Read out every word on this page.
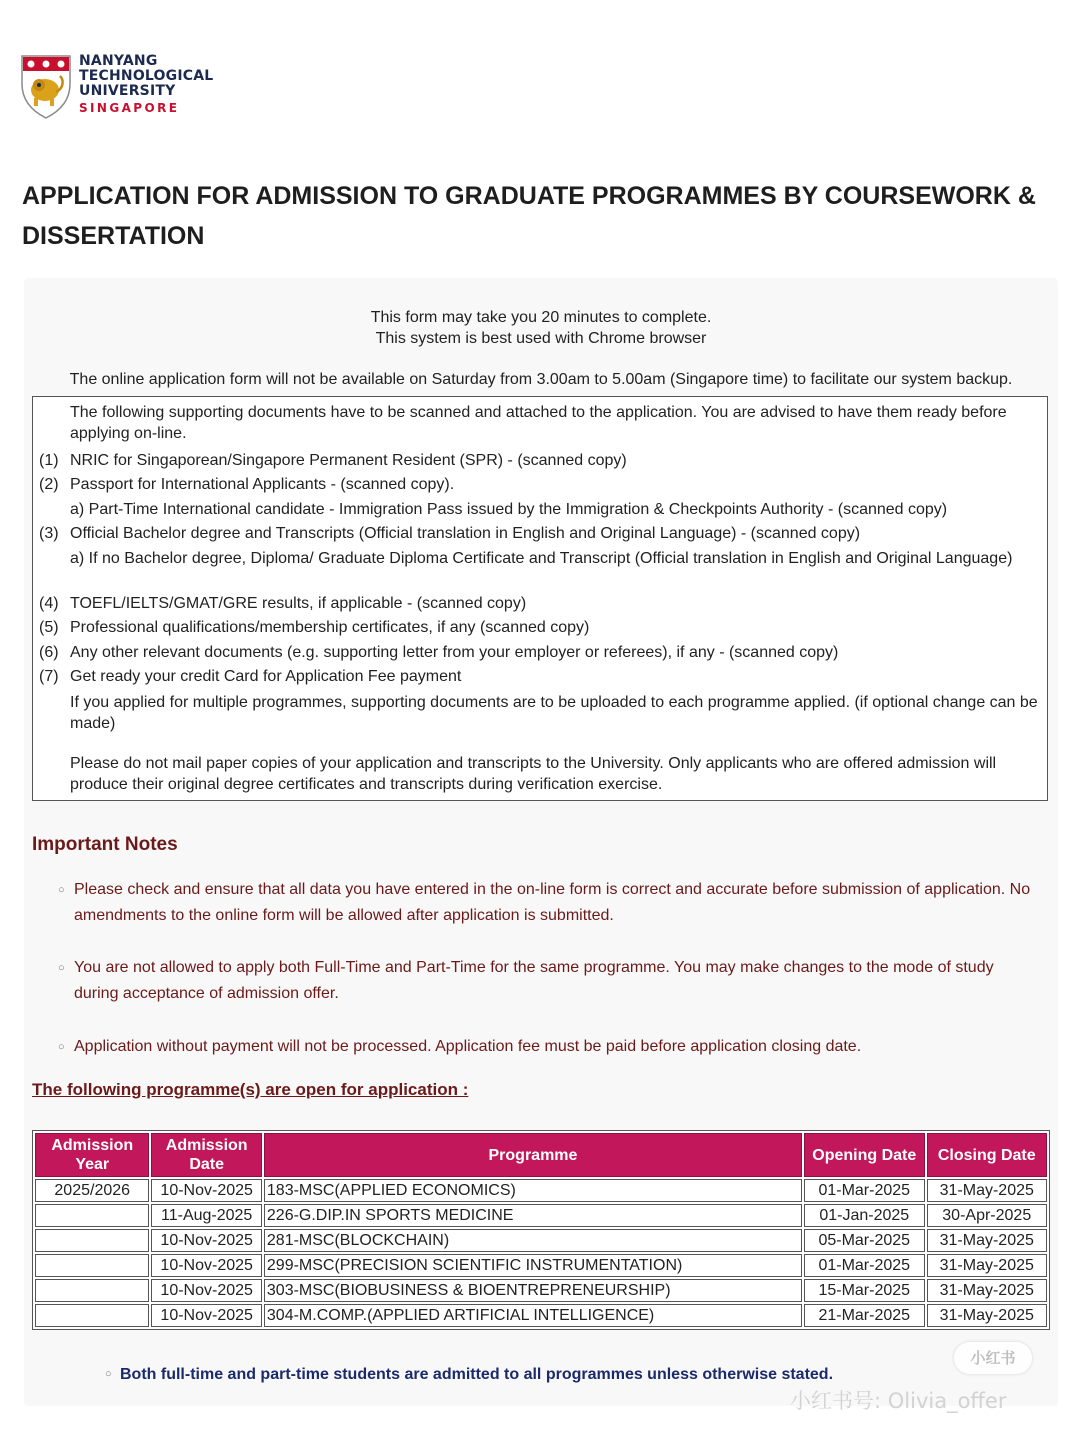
NANYANG
TECHNOLOGICAL
UNIVERSITY
SINGAPORE
APPLICATION FOR ADMISSION TO GRADUATE PROGRAMMES BY COURSEWORK & DISSERTATION
This form may take you 20 minutes to complete.
This system is best used with Chrome browser
The online application form will not be available on Saturday from 3.00am to 5.00am (Singapore time) to facilitate our system backup.
The following supporting documents have to be scanned and attached to the application. You are advised to have them ready before applying on-line.
(1) NRIC for Singaporean/Singapore Permanent Resident (SPR) - (scanned copy)
(2) Passport for International Applicants - (scanned copy).
a) Part-Time International candidate - Immigration Pass issued by the Immigration & Checkpoints Authority - (scanned copy)
(3) Official Bachelor degree and Transcripts (Official translation in English and Original Language) - (scanned copy)
a) If no Bachelor degree, Diploma/ Graduate Diploma Certificate and Transcript (Official translation in English and Original Language)
(4) TOEFL/IELTS/GMAT/GRE results, if applicable - (scanned copy)
(5) Professional qualifications/membership certificates, if any (scanned copy)
(6) Any other relevant documents (e.g. supporting letter from your employer or referees), if any - (scanned copy)
(7) Get ready your credit Card for Application Fee payment
If you applied for multiple programmes, supporting documents are to be uploaded to each programme applied. (if optional change can be made)
Please do not mail paper copies of your application and transcripts to the University. Only applicants who are offered admission will produce their original degree certificates and transcripts during verification exercise.
Important Notes
○ Please check and ensure that all data you have entered in the on-line form is correct and accurate before submission of application. No amendments to the online form will be allowed after application is submitted.
○ You are not allowed to apply both Full-Time and Part-Time for the same programme. You may make changes to the mode of study during acceptance of admission offer.
○ Application without payment will not be processed. Application fee must be paid before application closing date.
The following programme(s) are open for application :
Admission Year	Admission Date	Programme	Opening Date	Closing Date
2025/2026	10-Nov-2025	183-MSC(APPLIED ECONOMICS)	01-Mar-2025	31-May-2025
	11-Aug-2025	226-G.DIP.IN SPORTS MEDICINE	01-Jan-2025	30-Apr-2025
	10-Nov-2025	281-MSC(BLOCKCHAIN)	05-Mar-2025	31-May-2025
	10-Nov-2025	299-MSC(PRECISION SCIENTIFIC INSTRUMENTATION)	01-Mar-2025	31-May-2025
	10-Nov-2025	303-MSC(BIOBUSINESS & BIOENTREPRENEURSHIP)	15-Mar-2025	31-May-2025
	10-Nov-2025	304-M.COMP.(APPLIED ARTIFICIAL INTELLIGENCE)	21-Mar-2025	31-May-2025
○ Both full-time and part-time students are admitted to all programmes unless otherwise stated.
小红书
小红书号: Olivia_offer
